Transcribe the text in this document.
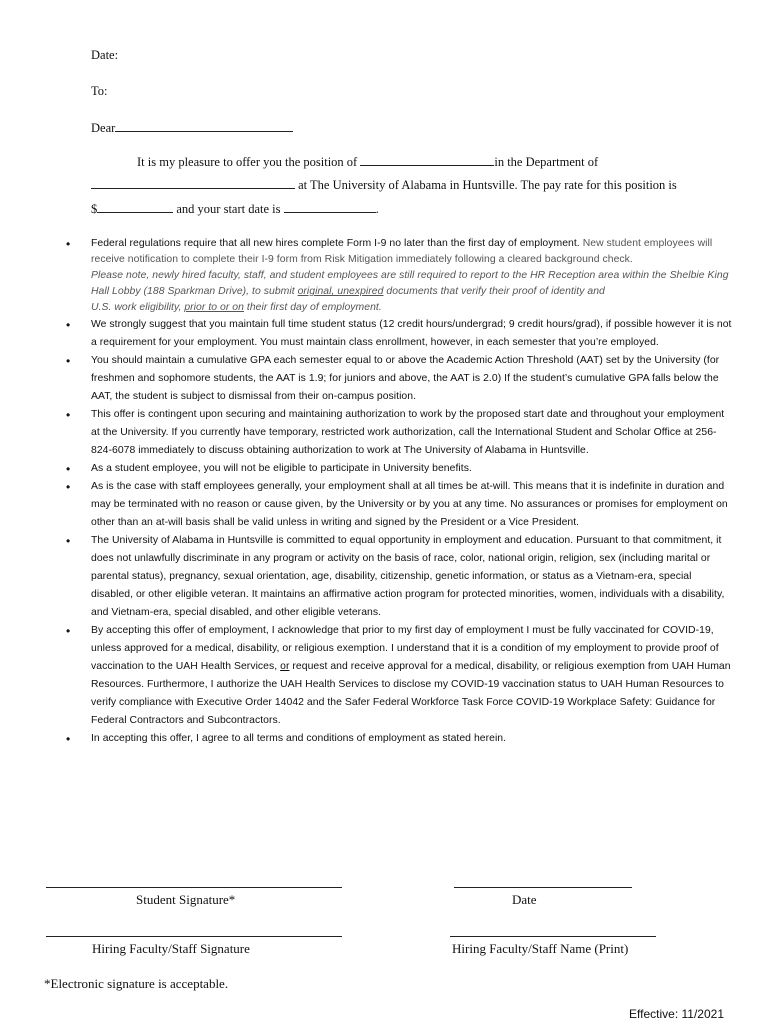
Date:
To:
Dear
It is my pleasure to offer you the position of	in the Department of
at The University of Alabama in Huntsville. The pay rate for this position is
$	and your start date is	.
• Federal regulations require that all new hires complete Form I-9 no later than the first day of employment. New student employees will receive notification to complete their I-9 form from Risk Mitigation immediately following a cleared background check.
Please note, newly hired faculty, staff, and student employees are still required to report to the HR Reception area within the Shelbie King Hall Lobby (188 Sparkman Drive), to submit original, unexpired documents that verify their proof of identity and
U.S. work eligibility, prior to or on their first day of employment.
• We strongly suggest that you maintain full time student status (12 credit hours/undergrad; 9 credit hours/grad), if possible however it is not a requirement for your employment. You must maintain class enrollment, however, in each semester that you’re employed.
• You should maintain a cumulative GPA each semester equal to or above the Academic Action Threshold (AAT) set by the University (for freshmen and sophomore students, the AAT is 1.9; for juniors and above, the AAT is 2.0) If the student’s cumulative GPA falls below the AAT, the student is subject to dismissal from their on-campus position.
• This offer is contingent upon securing and maintaining authorization to work by the proposed start date and throughout your employment at the University. If you currently have temporary, restricted work authorization, call the International Student and Scholar Office at 256-824-6078 immediately to discuss obtaining authorization to work at The University of Alabama in Huntsville.
• As a student employee, you will not be eligible to participate in University benefits.
• As is the case with staff employees generally, your employment shall at all times be at-will. This means that it is indefinite in duration and may be terminated with no reason or cause given, by the University or by you at any time. No assurances or promises for employment on other than an at-will basis shall be valid unless in writing and signed by the President or a Vice President.
• The University of Alabama in Huntsville is committed to equal opportunity in employment and education. Pursuant to that commitment, it does not unlawfully discriminate in any program or activity on the basis of race, color, national origin, religion, sex (including marital or parental status), pregnancy, sexual orientation, age, disability, citizenship, genetic information, or status as a Vietnam-era, special disabled, or other eligible veteran. It maintains an affirmative action program for protected minorities, women, individuals with a disability, and Vietnam-era, special disabled, and other eligible veterans.
• By accepting this offer of employment, I acknowledge that prior to my first day of employment I must be fully vaccinated for COVID-19, unless approved for a medical, disability, or religious exemption. I understand that it is a condition of my employment to provide proof of vaccination to the UAH Health Services, or request and receive approval for a medical, disability, or religious exemption from UAH Human Resources. Furthermore, I authorize the UAH Health Services to disclose my COVID-19 vaccination status to UAH Human Resources to verify compliance with Executive Order 14042 and the Safer Federal Workforce Task Force COVID-19 Workplace Safety: Guidance for Federal Contractors and Subcontractors.
• In accepting this offer, I agree to all terms and conditions of employment as stated herein.
Student Signature*	Date
Hiring Faculty/Staff Signature	Hiring Faculty/Staff Name (Print)
*Electronic signature is acceptable.
Effective: 11/2021
